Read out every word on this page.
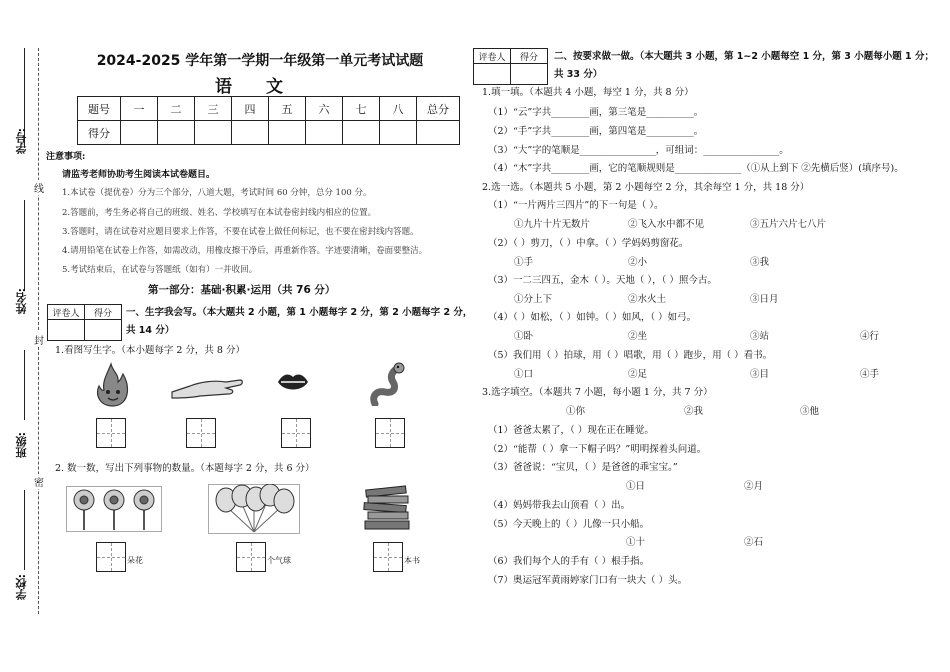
学号:
姓名:
班级:
学校:
线
封
密
2024-2025 学年第一学期一年级第一单元考试试题
语文
题号	一	二	三	四	五	六	七	八	总分
得分									
注意事项:
请监考老师协助考生阅读本试卷题目。
1.本试卷（提优卷）分为三个部分，八道大题，考试时间 60 分钟，总分 100 分。
2.答题前，考生务必将自己的班级、姓名、学校填写在本试卷密封线内相应的位置。
3.答题时，请在试卷对应题目要求上作答，不要在试卷上做任何标记，也不要在密封线内答题。
4.请用铅笔在试卷上作答，如需改动，用橡皮擦干净后，再重新作答。字迹要清晰，卷面要整洁。
5.考试结束后，在试卷与答题纸（如有）一并收回。
第一部分：基础·积累·运用（共 76 分）
评卷人	得分
	一、生字我会写。（本大题共 2 小题，第 1 小题每字 2 分，第 2 小题每字 2 分，
共 14 分）
1.看图写生字。（本小题每字 2 分，共 8 分）
2. 数一数，写出下列事物的数量。（本题每字 2 分，共 6 分）
朵花	个气球	本书
评卷人	得分
	二、按要求做一做。（本大题共 3 小题，第 1~2 小题每空 1 分，第 3 小题每小题 1 分；
共 33 分）
1.填一填。（本题共 4 小题，每空 1 分，共 8 分）
（1）“云”字共________画，第三笔是__________。
（2）“手”字共________画，第四笔是__________。
（3）“大”字的笔顺是________________，可组词：________________。
（4）“木”字共________画，它的笔顺规则是______________（①从上到下 ②先横后竖）(填序号)。
2.选一选。（本题共 5 小题，第 2 小题每空 2 分，其余每空 1 分，共 18 分）
（1）“一片两片三四片”的下一句是（ ）。
①九片十片无数片	②飞入水中都不见	③五片六片七八片
（2）（ ）剪刀，（ ）中拿。（ ）学妈妈剪窗花。
①手	②小	③我
（3）一二三四五，金木（ ）。天地（ ），（ ）照今古。
①分上下	②水火土	③日月
（4）（ ）如松，（ ）如钟。（ ）如风，（ ）如弓。
①卧	②坐	③站	④行
（5）我们用（ ）拍球，用（ ）唱歌，用（ ）跑步，用（ ）看书。
①口	②足	③目	④手
3.选字填空。（本题共 7 小题，每小题 1 分，共 7 分）
①你	②我	③他
（1）爸爸太累了，（ ）现在正在睡觉。
（2）“能帮（ ）拿一下帽子吗？”明明探着头问道。
（3）爸爸说：“宝贝，（ ）是爸爸的乖宝宝。”
①日	②月
（4）妈妈带我去山顶看（ ）出。
（5）今天晚上的（ ）儿像一只小船。
①十	②石
（6）我们每个人的手有（ ）根手指。
（7）奥运冠军黄雨婷家门口有一块大（ ）头。
